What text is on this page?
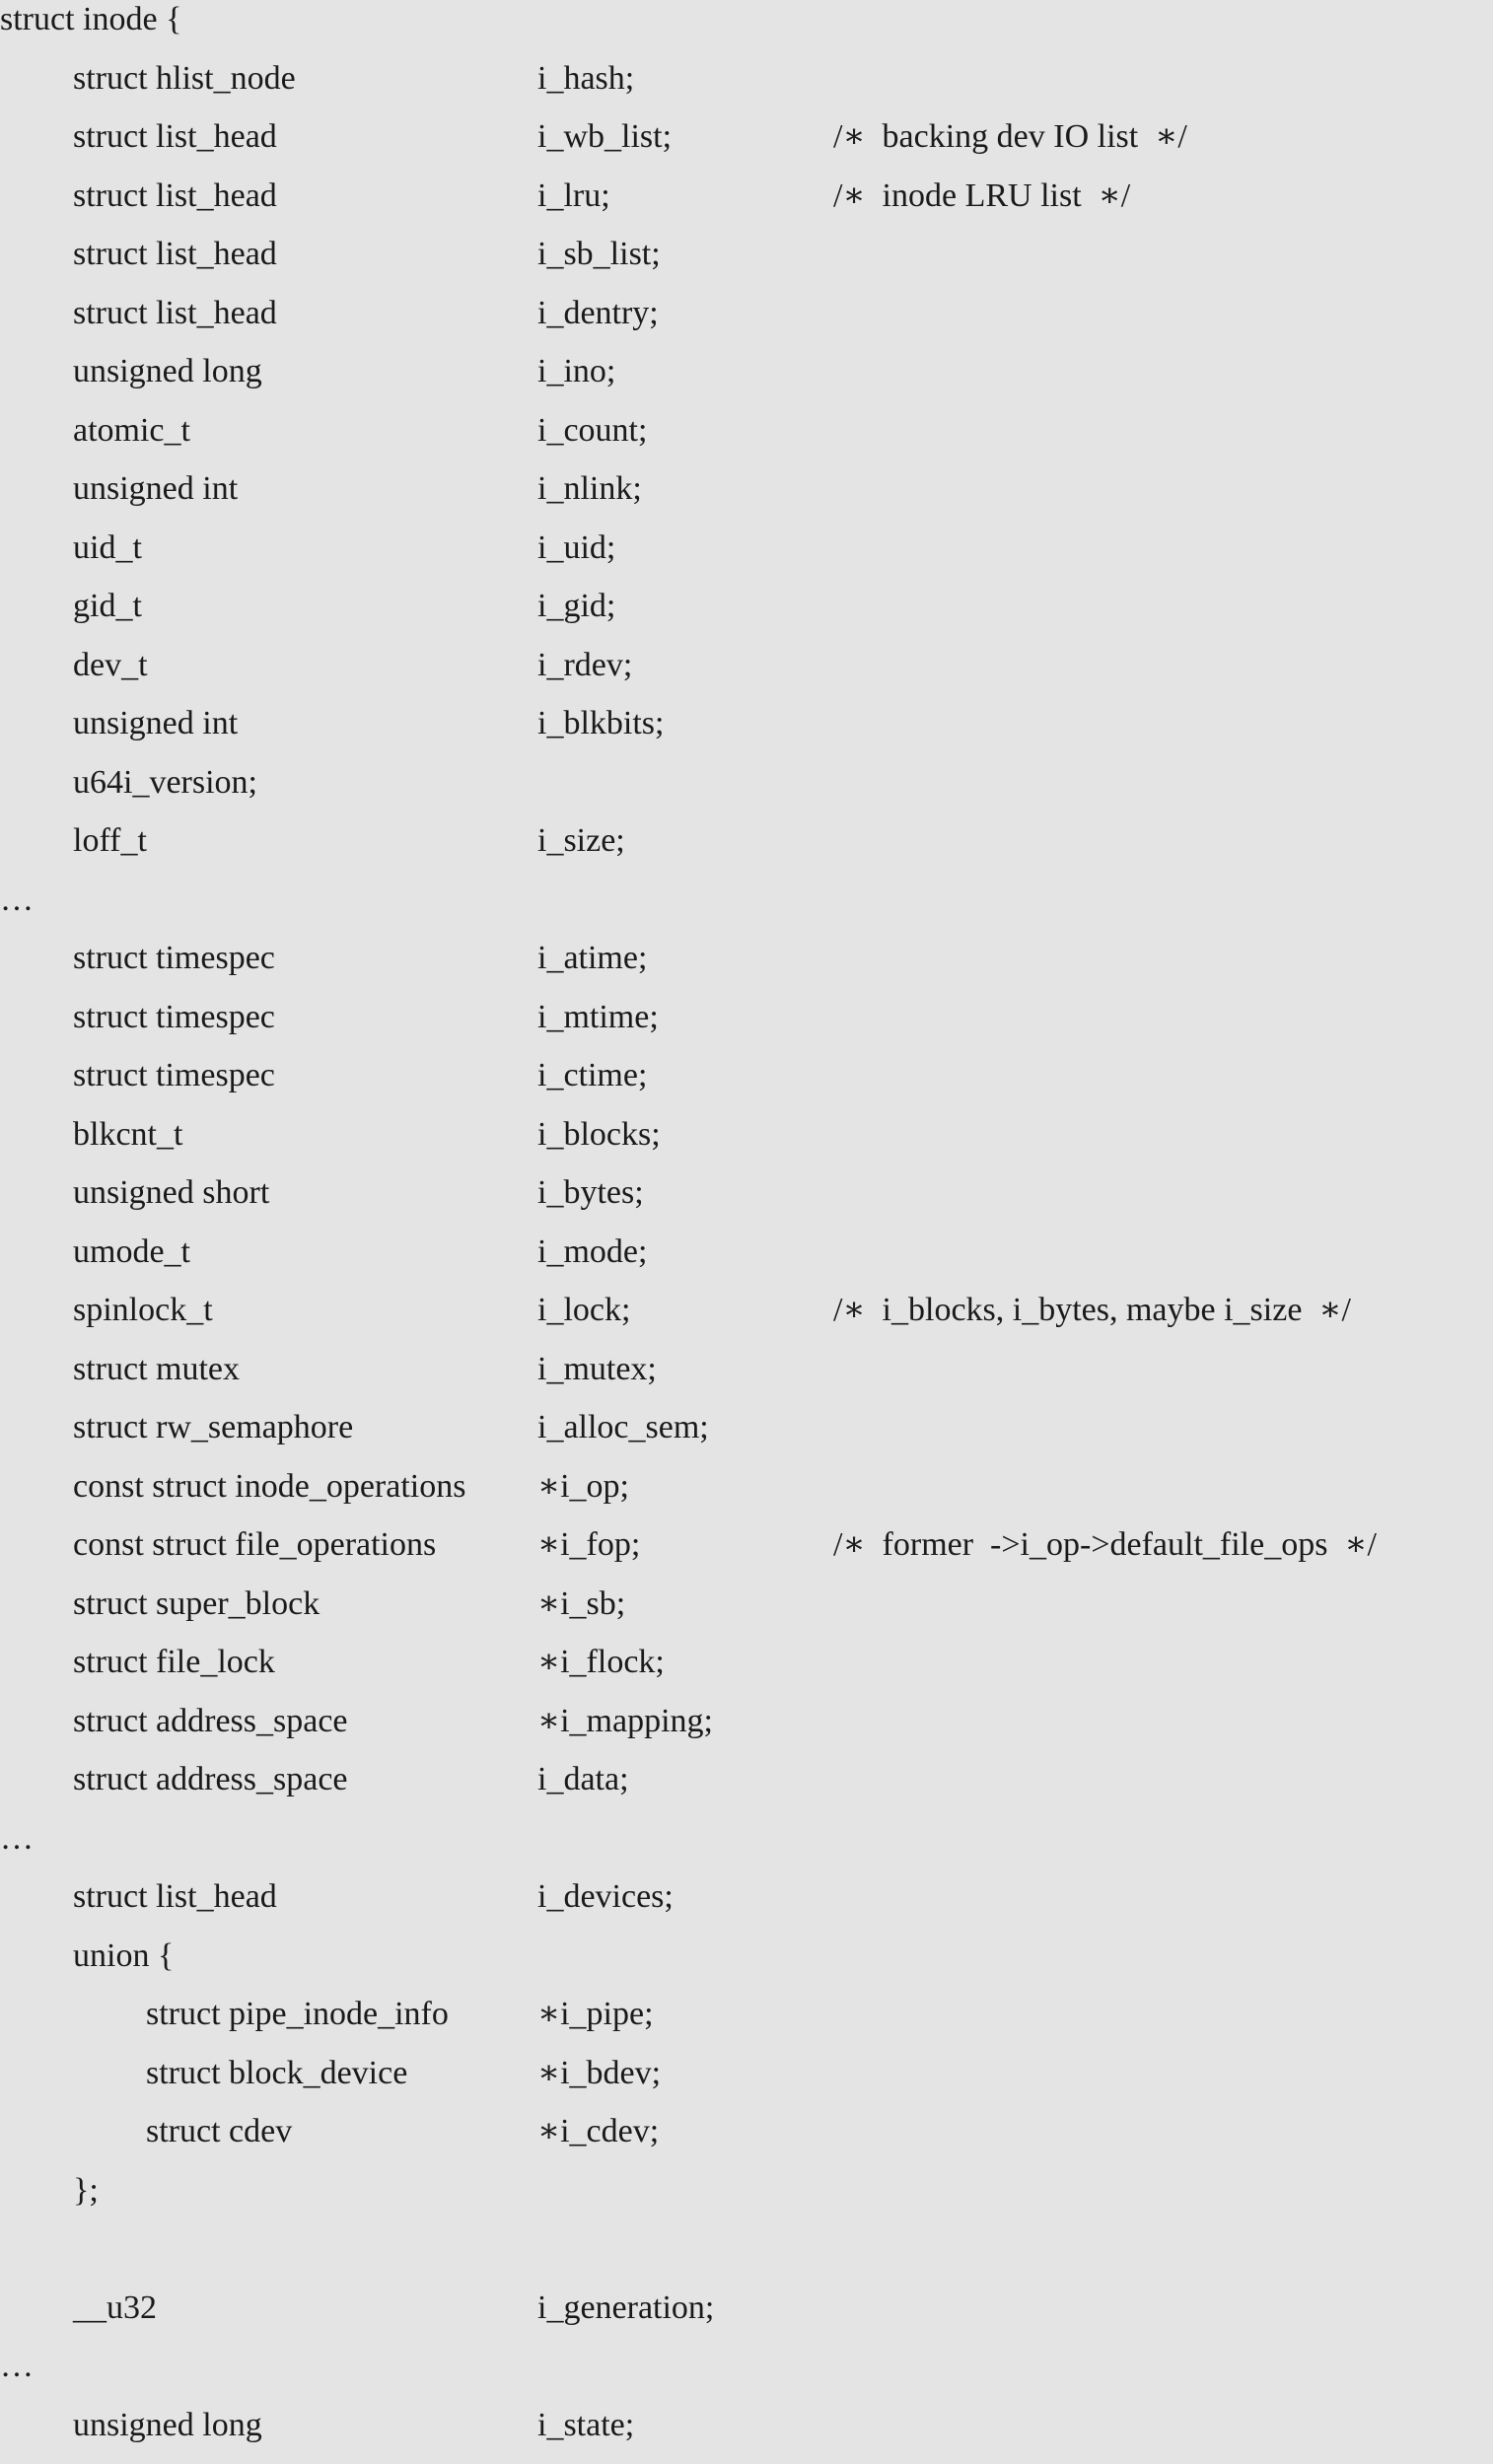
struct inode {
struct hlist_node	i_hash;
struct list_head	i_wb_list;	/∗  backing dev IO list  ∗/
struct list_head	i_lru;	/∗  inode LRU list  ∗/
struct list_head	i_sb_list;
struct list_head	i_dentry;
unsigned long	i_ino;
atomic_t	i_count;
unsigned int	i_nlink;
uid_t	i_uid;
gid_t	i_gid;
dev_t	i_rdev;
unsigned int	i_blkbits;
u64i_version;
loff_t	i_size;
…
struct timespec	i_atime;
struct timespec	i_mtime;
struct timespec	i_ctime;
blkcnt_t	i_blocks;
unsigned short	i_bytes;
umode_t	i_mode;
spinlock_t	i_lock;	/∗  i_blocks, i_bytes, maybe i_size  ∗/
struct mutex	i_mutex;
struct rw_semaphore	i_alloc_sem;
const struct inode_operations ∗i_op;
const struct file_operations	∗i_fop;	/∗  former  ->i_op->default_file_ops  ∗/
struct super_block	∗i_sb;
struct file_lock	∗i_flock;
struct address_space	∗i_mapping;
struct address_space	i_data;
…
struct list_head	i_devices;
union {
struct pipe_inode_info	∗i_pipe;
struct block_device	∗i_bdev;
struct cdev	∗i_cdev;
};
__u32	i_generation;
…
unsigned long	i_state;
